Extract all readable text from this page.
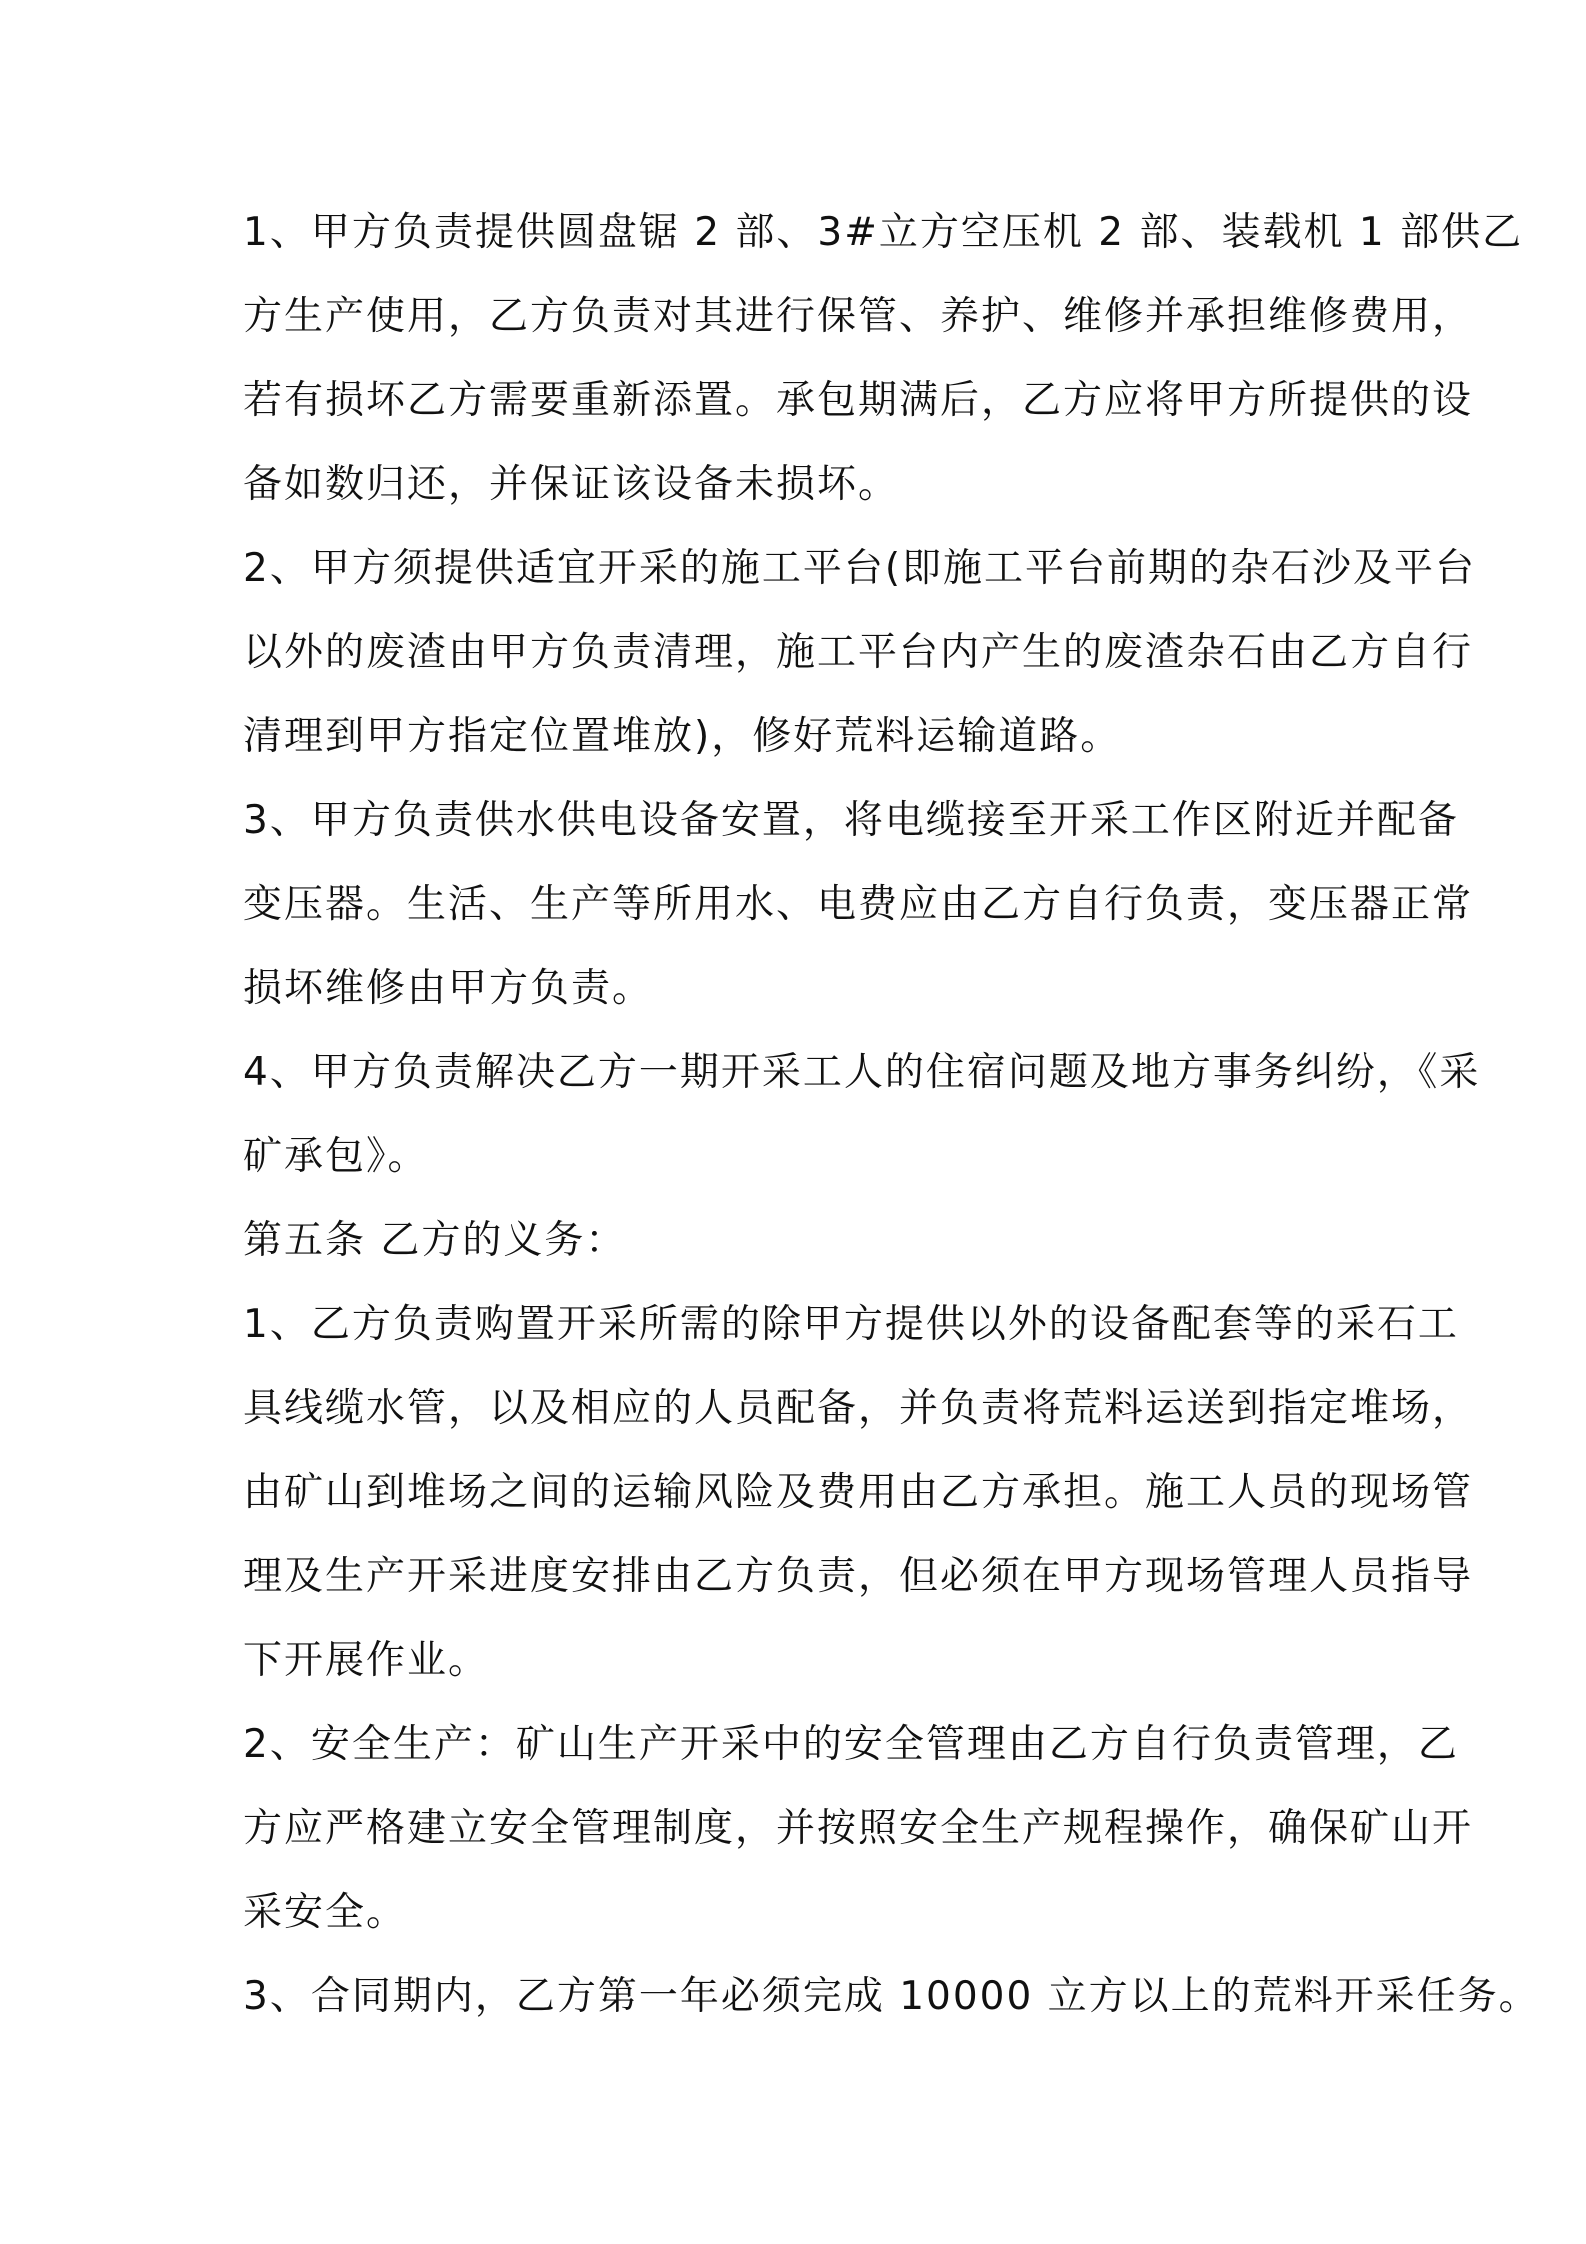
1、甲方负责提供圆盘锯 2 部、3#立方空压机 2 部、装载机 1 部供乙
方生产使用，乙方负责对其进行保管、养护、维修并承担维修费用，
若有损坏乙方需要重新添置。承包期满后，乙方应将甲方所提供的设
备如数归还，并保证该设备未损坏。
2、甲方须提供适宜开采的施工平台(即施工平台前期的杂石沙及平台
以外的废渣由甲方负责清理，施工平台内产生的废渣杂石由乙方自行
清理到甲方指定位置堆放)，修好荒料运输道路。
3、甲方负责供水供电设备安置，将电缆接至开采工作区附近并配备
变压器。生活、生产等所用水、电费应由乙方自行负责，变压器正常
损坏维修由甲方负责。
4、甲方负责解决乙方一期开采工人的住宿问题及地方事务纠纷，《采
矿承包》。
第五条 乙方的义务：
1、乙方负责购置开采所需的除甲方提供以外的设备配套等的采石工
具线缆水管，以及相应的人员配备，并负责将荒料运送到指定堆场，
由矿山到堆场之间的运输风险及费用由乙方承担。施工人员的现场管
理及生产开采进度安排由乙方负责，但必须在甲方现场管理人员指导
下开展作业。
2、安全生产：矿山生产开采中的安全管理由乙方自行负责管理，乙
方应严格建立安全管理制度，并按照安全生产规程操作，确保矿山开
采安全。
3、合同期内，乙方第一年必须完成 10000 立方以上的荒料开采任务。
